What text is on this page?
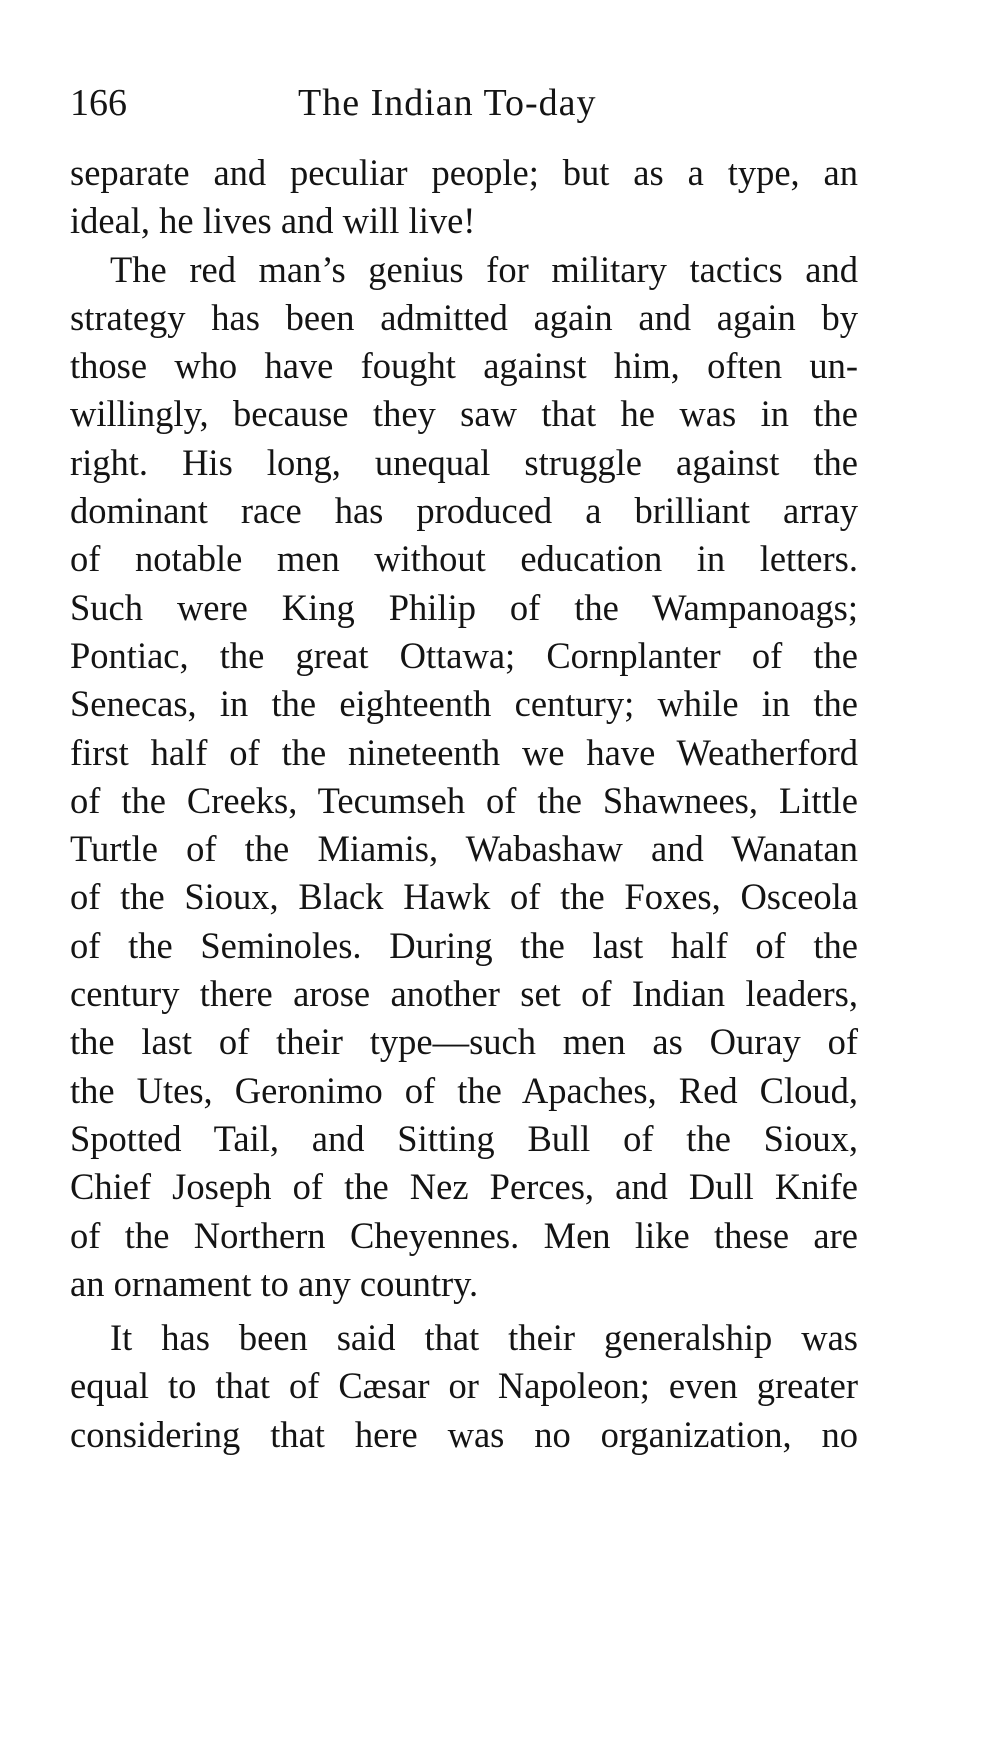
166	The Indian To-day
separate and peculiar people; but as a type, an
ideal, he lives and will live!
The red man’s genius for military tactics and
strategy has been admitted again and again by
those who have fought against him, often un-
willingly, because they saw that he was in the
right. His long, unequal struggle against the
dominant race has produced a brilliant array
of notable men without education in letters.
Such were King Philip of the Wampanoags;
Pontiac, the great Ottawa; Cornplanter of the
Senecas, in the eighteenth century; while in the
first half of the nineteenth we have Weatherford
of the Creeks, Tecumseh of the Shawnees, Little
Turtle of the Miamis, Wabashaw and Wanatan
of the Sioux, Black Hawk of the Foxes, Osceola
of the Seminoles. During the last half of the
century there arose another set of Indian leaders,
the last of their type—such men as Ouray of
the Utes, Geronimo of the Apaches, Red Cloud,
Spotted Tail, and Sitting Bull of the Sioux,
Chief Joseph of the Nez Perces, and Dull Knife
of the Northern Cheyennes. Men like these are
an ornament to any country.
It has been said that their generalship was
equal to that of Cæsar or Napoleon; even greater
considering that here was no organization, no
